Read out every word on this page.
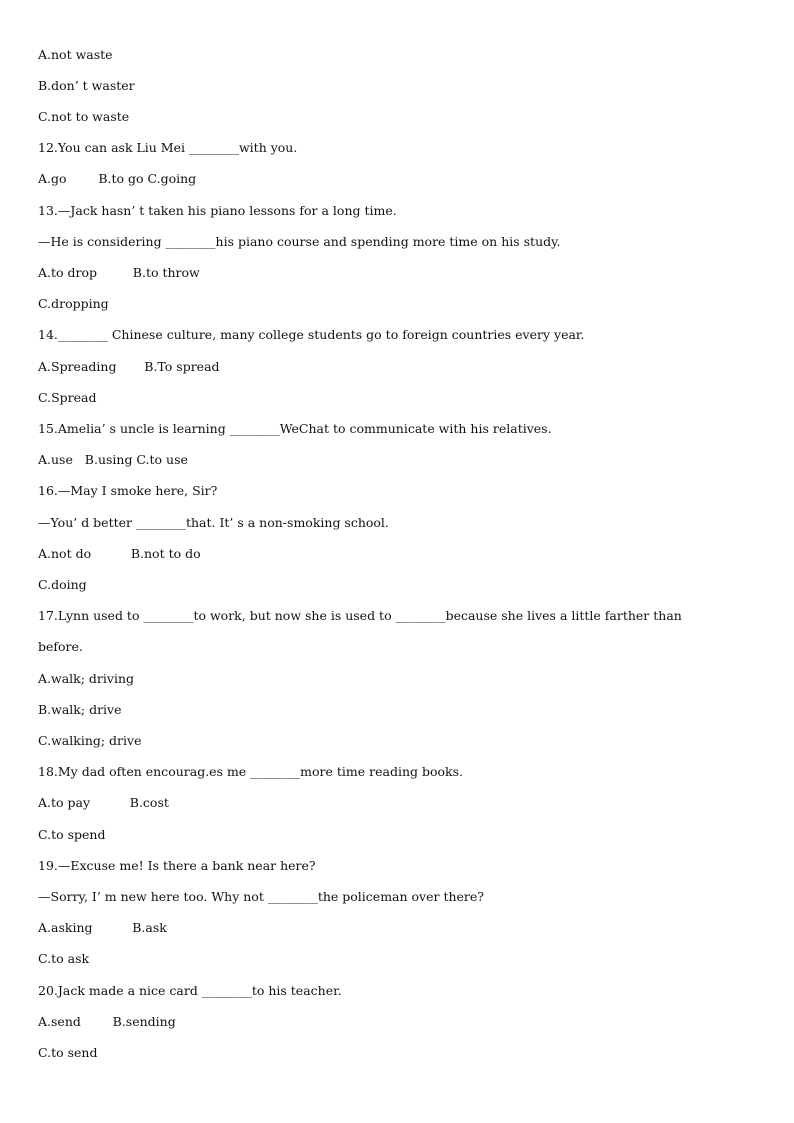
A.not waste
B.don’ t waster
C.not to waste
12.You can ask Liu Mei ________with you.
A.go        B.to go C.going
13.—Jack hasn’ t taken his piano lessons for a long time.
—He is considering ________his piano course and spending more time on his study.
A.to drop         B.to throw
C.dropping
14.________ Chinese culture, many college students go to foreign countries every year.
A.Spreading       B.To spread
C.Spread
15.Amelia’ s uncle is learning ________WeChat to communicate with his relatives.
A.use   B.using C.to use
16.—May I smoke here, Sir?
—You’ d better ________that. It’ s a non-smoking school.
A.not do          B.not to do
C.doing
17.Lynn used to ________to work, but now she is used to ________because she lives a little farther than
before.
A.walk; driving
B.walk; drive
C.walking; drive
18.My dad often encourag.es me ________more time reading books.
A.to pay          B.cost
C.to spend
19.—Excuse me! Is there a bank near here?
—Sorry, I’ m new here too. Why not ________the policeman over there?
A.asking          B.ask
C.to ask
20.Jack made a nice card ________to his teacher.
A.send        B.sending
C.to send
